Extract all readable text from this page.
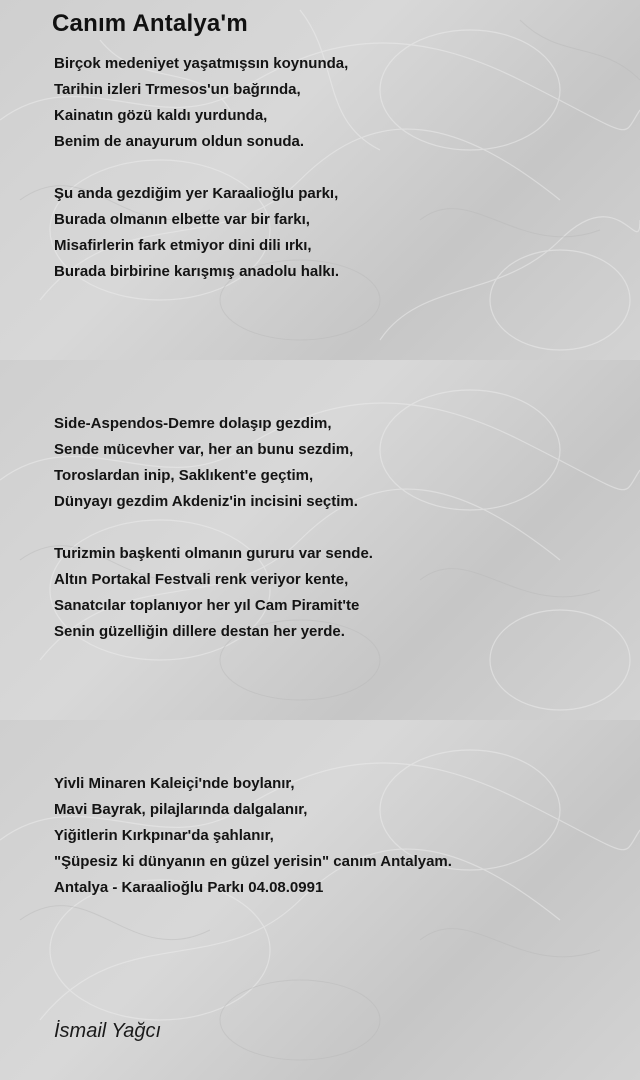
Canım Antalya'm
Birçok medeniyet yaşatmışsın koynunda,
Tarihin izleri Trmesos'un bağrında,
Kainatın gözü kaldı yurdunda,
Benim de anayurum oldun sonuda.
Şu anda gezdiğim yer Karaalioğlu parkı,
Burada olmanın elbette var bir farkı,
Misafirlerin fark etmiyor dini dili ırkı,
Burada birbirine karışmış anadolu halkı.
Side-Aspendos-Demre dolaşıp gezdim,
Sende mücevher var, her an bunu sezdim,
Toroslardan inip, Saklıkent'e geçtim,
Dünyayı gezdim Akdeniz'in incisini seçtim.
Turizmin başkenti olmanın gururu var sende.
Altın Portakal Festvali renk veriyor kente,
Sanatcılar toplanıyor her yıl Cam Piramit'te
Senin güzelliğin dillere destan her yerde.
Yivli Minaren Kaleiçi'nde boylanır,
Mavi Bayrak, pilajlarında dalgalanır,
Yiğitlerin Kırkpınar'da şahlanır,
"Şüpesiz ki dünyanın en güzel yerisin" canım Antalyam.
Antalya - Karaalioğlu Parkı 04.08.0991
İsmail Yağcı
